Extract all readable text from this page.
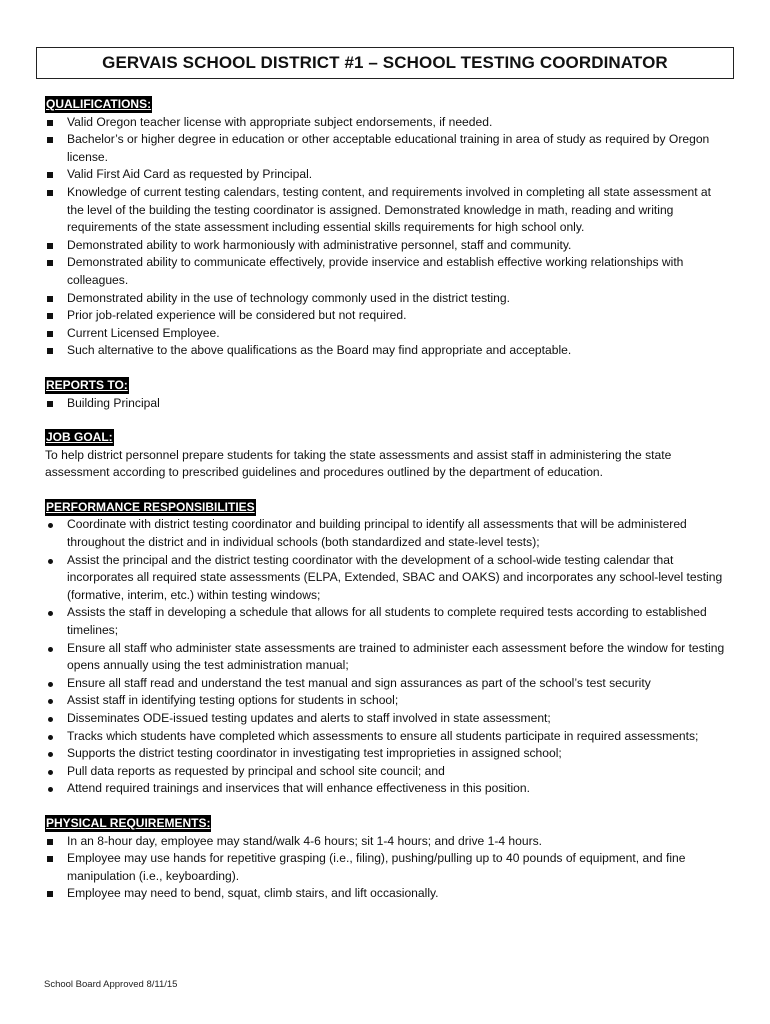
GERVAIS SCHOOL DISTRICT #1 – SCHOOL TESTING COORDINATOR
QUALIFICATIONS:
Valid Oregon teacher license with appropriate subject endorsements, if needed.
Bachelor’s or higher degree in education or other acceptable educational training in area of study as required by Oregon license.
Valid First Aid Card as requested by Principal.
Knowledge of current testing calendars, testing content, and requirements involved in completing all state assessment at the level of the building the testing coordinator is assigned. Demonstrated knowledge in math, reading and writing requirements of the state assessment including essential skills requirements for high school only.
Demonstrated ability to work harmoniously with administrative personnel, staff and community.
Demonstrated ability to communicate effectively, provide inservice and establish effective working relationships with colleagues.
Demonstrated ability in the use of technology commonly used in the district testing.
Prior job-related experience will be considered but not required.
Current Licensed Employee.
Such alternative to the above qualifications as the Board may find appropriate and acceptable.
REPORTS TO:
Building Principal
JOB GOAL:

To help district personnel prepare students for taking the state assessments and assist staff in administering the state assessment according to prescribed guidelines and procedures outlined by the department of education.

PERFORMANCE RESPONSIBILITIES
Coordinate with district testing coordinator and building principal to identify all assessments that will be administered throughout the district and in individual schools (both standardized and state-level tests);
Assist the principal and the district testing coordinator with the development of a school-wide testing calendar that incorporates all required state assessments (ELPA, Extended, SBAC and OAKS) and incorporates any school-level testing (formative, interim, etc.) within testing windows;
Assists the staff in developing a schedule that allows for all students to complete required tests according to established timelines;
Ensure all staff who administer state assessments are trained to administer each assessment before the window for testing opens annually using the test administration manual;
Ensure all staff read and understand the test manual and sign assurances as part of the school’s test security
Assist staff in identifying testing options for students in school;
Disseminates ODE-issued testing updates and alerts to staff involved in state assessment;
Tracks which students have completed which assessments to ensure all students participate in required assessments;
Supports the district testing coordinator in investigating test improprieties in assigned school;
Pull data reports as requested by principal and school site council; and
Attend required trainings and inservices that will enhance effectiveness in this position.
PHYSICAL REQUIREMENTS:
In an 8-hour day, employee may stand/walk 4-6 hours; sit 1-4 hours; and drive 1-4 hours.
Employee may use hands for repetitive grasping (i.e., filing), pushing/pulling up to 40 pounds of equipment, and fine manipulation (i.e., keyboarding).
Employee may need to bend, squat, climb stairs, and lift occasionally.
School Board Approved 8/11/15
